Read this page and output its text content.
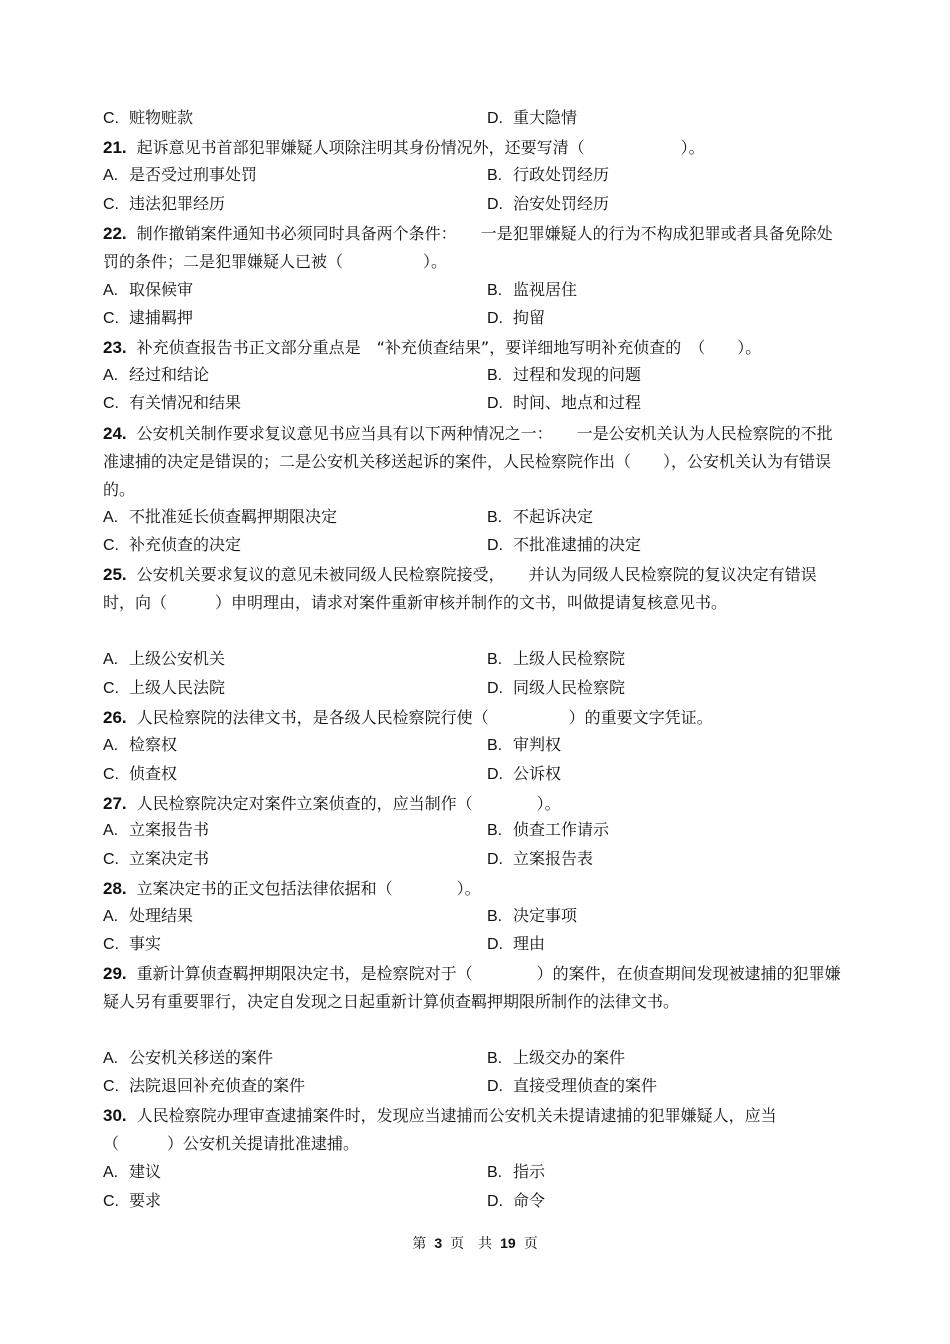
C. 赃物赃款	D. 重大隐情
21. 起诉意见书首部犯罪嫌疑人项除注明其身份情况外，还要写清（　　　　　　）。
A. 是否受过刑事处罚	B. 行政处罚经历
C. 违法犯罪经历	D. 治安处罚经历
22. 制作撤销案件通知书必须同时具备两个条件：　　一是犯罪嫌疑人的行为不构成犯罪或者具备免除处罚的条件；二是犯罪嫌疑人已被（　　　　　）。
A. 取保候审	B. 监视居住
C. 逮捕羁押	D. 拘留
23. 补充侦查报告书正文部分重点是　“补充侦查结果”，要详细地写明补充侦查的　（　　）。
A. 经过和结论	B. 过程和发现的问题
C. 有关情况和结果	D. 时间、地点和过程
24. 公安机关制作要求复议意见书应当具有以下两种情况之一：　　一是公安机关认为人民检察院的不批准逮捕的决定是错误的；二是公安机关移送起诉的案件，人民检察院作出（　　），公安机关认为有错误的。
A. 不批准延长侦查羁押期限决定	B. 不起诉决定
C. 补充侦查的决定	D. 不批准逮捕的决定
25. 公安机关要求复议的意见未被同级人民检察院接受，　　并认为同级人民检察院的复议决定有错误时，向（　　　）申明理由，请求对案件重新审核并制作的文书，叫做提请复核意见书。
A. 上级公安机关	B. 上级人民检察院
C. 上级人民法院	D. 同级人民检察院
26. 人民检察院的法律文书，是各级人民检察院行使（　　　　　）的重要文字凭证。
A. 检察权	B. 审判权
C. 侦查权	D. 公诉权
27. 人民检察院决定对案件立案侦查的，应当制作（　　　　）。
A. 立案报告书	B. 侦查工作请示
C. 立案决定书	D. 立案报告表
28. 立案决定书的正文包括法律依据和（　　　　）。
A. 处理结果	B. 决定事项
C. 事实	D. 理由
29. 重新计算侦查羁押期限决定书，是检察院对于（　　　　）的案件，在侦查期间发现被逮捕的犯罪嫌疑人另有重要罪行，决定自发现之日起重新计算侦查羁押期限所制作的法律文书。
A. 公安机关移送的案件	B. 上级交办的案件
C. 法院退回补充侦查的案件	D. 直接受理侦查的案件
30. 人民检察院办理审查逮捕案件时，发现应当逮捕而公安机关未提请逮捕的犯罪嫌疑人，应当（　　　）公安机关提请批准逮捕。
A. 建议	B. 指示
C. 要求	D. 命令
第 3 页　共 19 页
